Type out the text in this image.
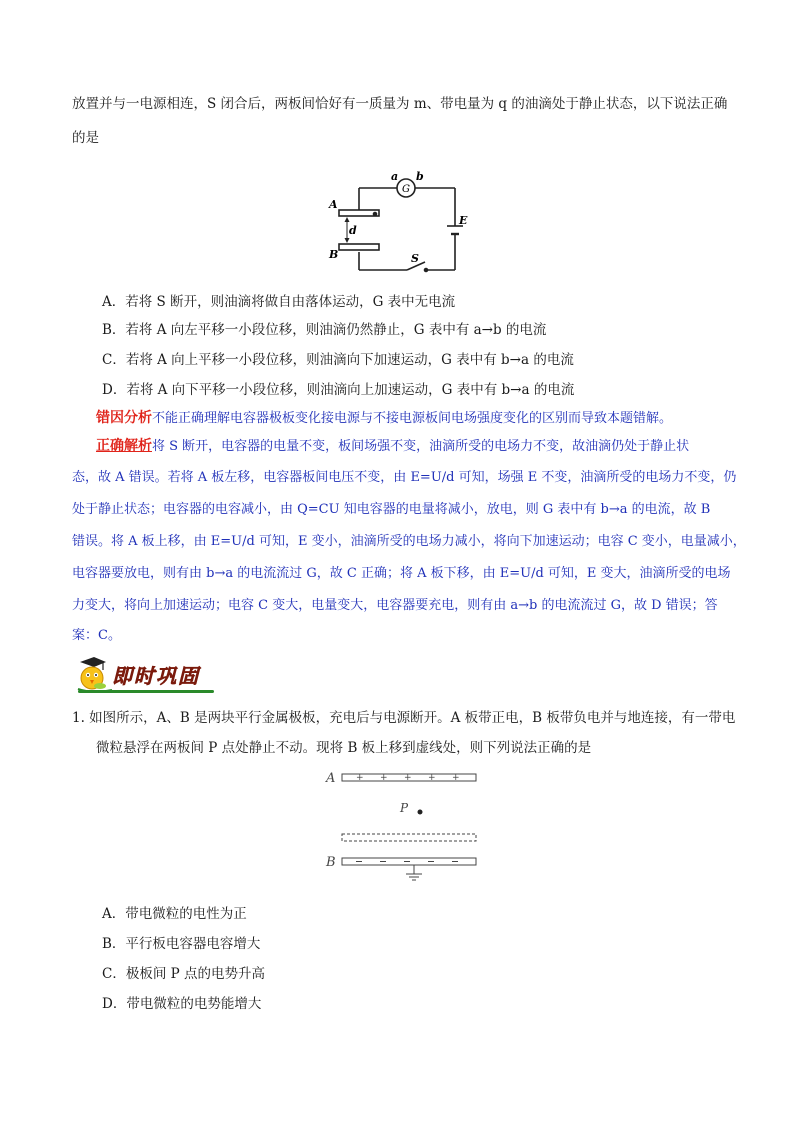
放置并与一电源相连，S 闭合后，两板间恰好有一质量为 m、带电量为 q 的油滴处于静止状态，以下说法正确
的是
A
B
G
a b
d
E
S
A．若将 S 断开，则油滴将做自由落体运动，G 表中无电流
B．若将 A 向左平移一小段位移，则油滴仍然静止，G 表中有 a→b 的电流
C．若将 A 向上平移一小段位移，则油滴向下加速运动，G 表中有 b→a 的电流
D．若将 A 向下平移一小段位移，则油滴向上加速运动，G 表中有 b→a 的电流
错因分析不能正确理解电容器极板变化接电源与不接电源板间电场强度变化的区别而导致本题错解。
正确解析将 S 断开，电容器的电量不变，板间场强不变，油滴所受的电场力不变，故油滴仍处于静止状
态，故 A 错误。若将 A 板左移，电容器板间电压不变，由 E=U/d 可知，场强 E 不变，油滴所受的电场力不变，仍
处于静止状态；电容器的电容减小，由 Q=CU 知电容器的电量将减小，放电，则 G 表中有 b→a 的电流，故 B
错误。将 A 板上移，由 E=U/d 可知，E 变小，油滴所受的电场力减小，将向下加速运动；电容 C 变小，电量减小，
电容器要放电，则有由 b→a 的电流流过 G，故 C 正确；将 A 板下移，由 E=U/d 可知，E 变大，油滴所受的电场
力变大，将向上加速运动；电容 C 变大，电量变大，电容器要充电，则有由 a→b 的电流流过 G，故 D 错误；答
案：C。
即时巩固
1. 如图所示，A、B 是两块平行金属极板，充电后与电源断开。A 板带正电，B 板带负电并与地连接，有一带电
微粒悬浮在两板间 P 点处静止不动。现将 B 板上移到虚线处，则下列说法正确的是
+ + + + +
A
B
P
A．带电微粒的电性为正
B．平行板电容器电容增大
C．极板间 P 点的电势升高
D．带电微粒的电势能增大
